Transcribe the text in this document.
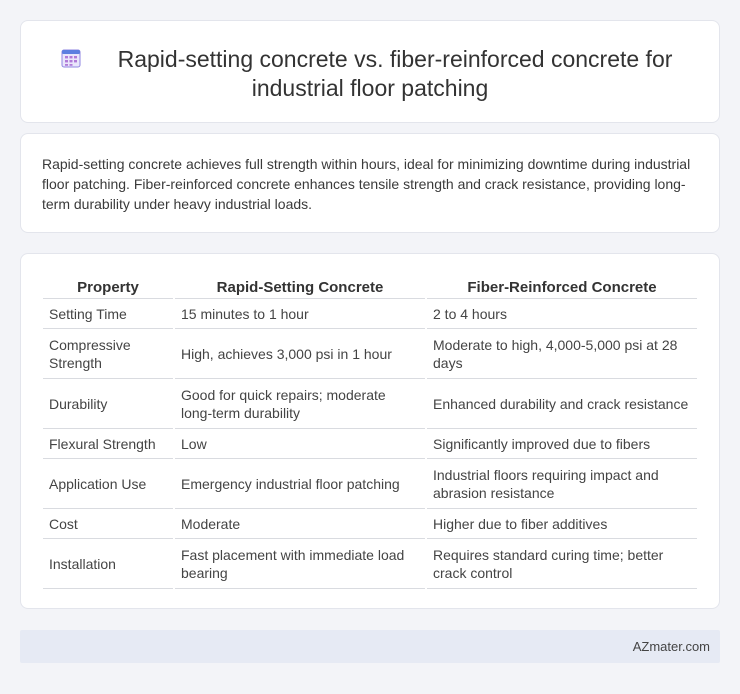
Rapid-setting concrete vs. fiber-reinforced concrete for
industrial floor patching

Rapid-setting concrete achieves full strength within hours, ideal for minimizing downtime during industrial floor patching. Fiber-reinforced concrete enhances tensile strength and crack resistance, providing long-term durability under heavy industrial loads.

Property	Rapid-Setting Concrete	Fiber-Reinforced Concrete
Setting Time	15 minutes to 1 hour	2 to 4 hours
Compressive Strength	High, achieves 3,000 psi in 1 hour	Moderate to high, 4,000-5,000 psi at 28 days
Durability	Good for quick repairs; moderate long-term durability	Enhanced durability and crack resistance
Flexural Strength	Low	Significantly improved due to fibers
Application Use	Emergency industrial floor patching	Industrial floors requiring impact and abrasion resistance
Cost	Moderate	Higher due to fiber additives
Installation	Fast placement with immediate load bearing	Requires standard curing time; better crack control
AZmater.com
